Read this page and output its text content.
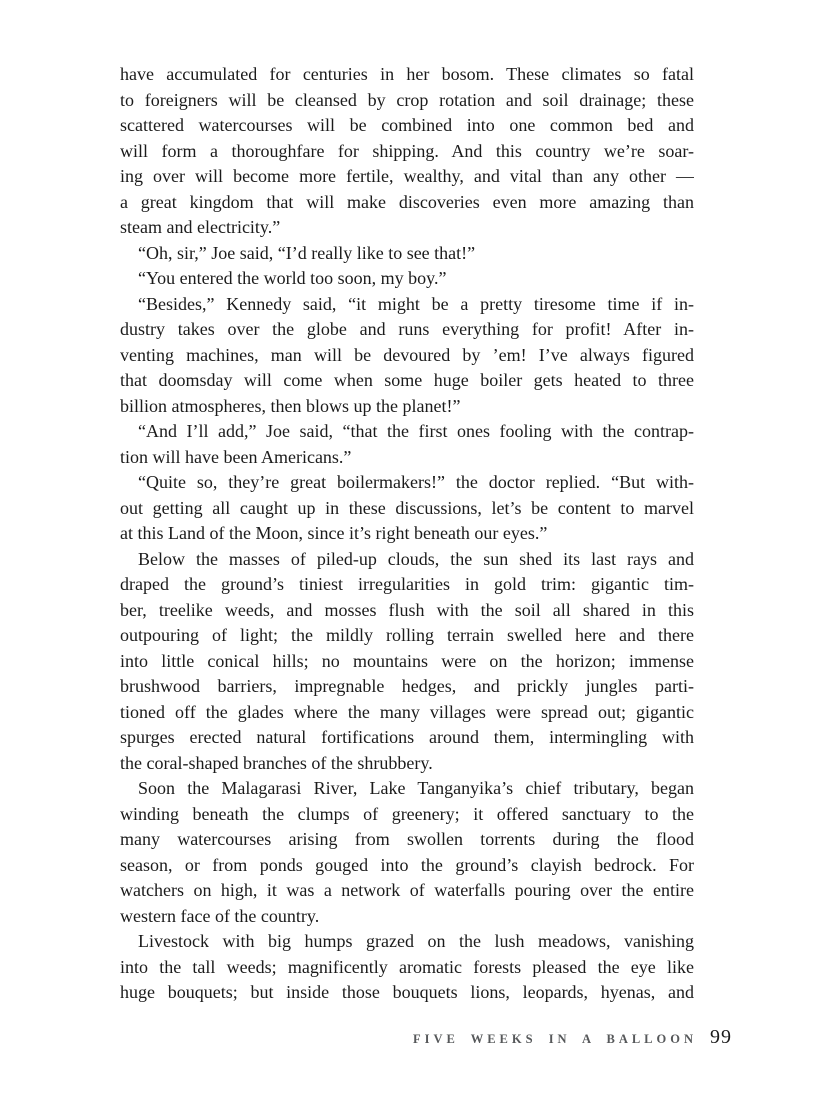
have accumulated for centuries in her bosom. These climates so fatal
to foreigners will be cleansed by crop rotation and soil drainage; these
scattered watercourses will be combined into one common bed and
will form a thoroughfare for shipping. And this country we’re soar-
ing over will become more fertile, wealthy, and vital than any other —
a great kingdom that will make discoveries even more amazing than
steam and electricity.”
“Oh, sir,” Joe said, “I’d really like to see that!”
“You entered the world too soon, my boy.”
“Besides,” Kennedy said, “it might be a pretty tiresome time if in-
dustry takes over the globe and runs everything for profit! After in-
venting machines, man will be devoured by ’em! I’ve always figured
that doomsday will come when some huge boiler gets heated to three
billion atmospheres, then blows up the planet!”
“And I’ll add,” Joe said, “that the first ones fooling with the contrap-
tion will have been Americans.”
“Quite so, they’re great boilermakers!” the doctor replied. “But with-
out getting all caught up in these discussions, let’s be content to marvel
at this Land of the Moon, since it’s right beneath our eyes.”
Below the masses of piled-up clouds, the sun shed its last rays and
draped the ground’s tiniest irregularities in gold trim: gigantic tim-
ber, treelike weeds, and mosses flush with the soil all shared in this
outpouring of light; the mildly rolling terrain swelled here and there
into little conical hills; no mountains were on the horizon; immense
brushwood barriers, impregnable hedges, and prickly jungles parti-
tioned off the glades where the many villages were spread out; gigantic
spurges erected natural fortifications around them, intermingling with
the coral-shaped branches of the shrubbery.
Soon the Malagarasi River, Lake Tanganyika’s chief tributary, began
winding beneath the clumps of greenery; it offered sanctuary to the
many watercourses arising from swollen torrents during the flood
season, or from ponds gouged into the ground’s clayish bedrock. For
watchers on high, it was a network of waterfalls pouring over the entire
western face of the country.
Livestock with big humps grazed on the lush meadows, vanishing
into the tall weeds; magnificently aromatic forests pleased the eye like
huge bouquets; but inside those bouquets lions, leopards, hyenas, and
FIVE WEEKS IN A BALLOON 99
